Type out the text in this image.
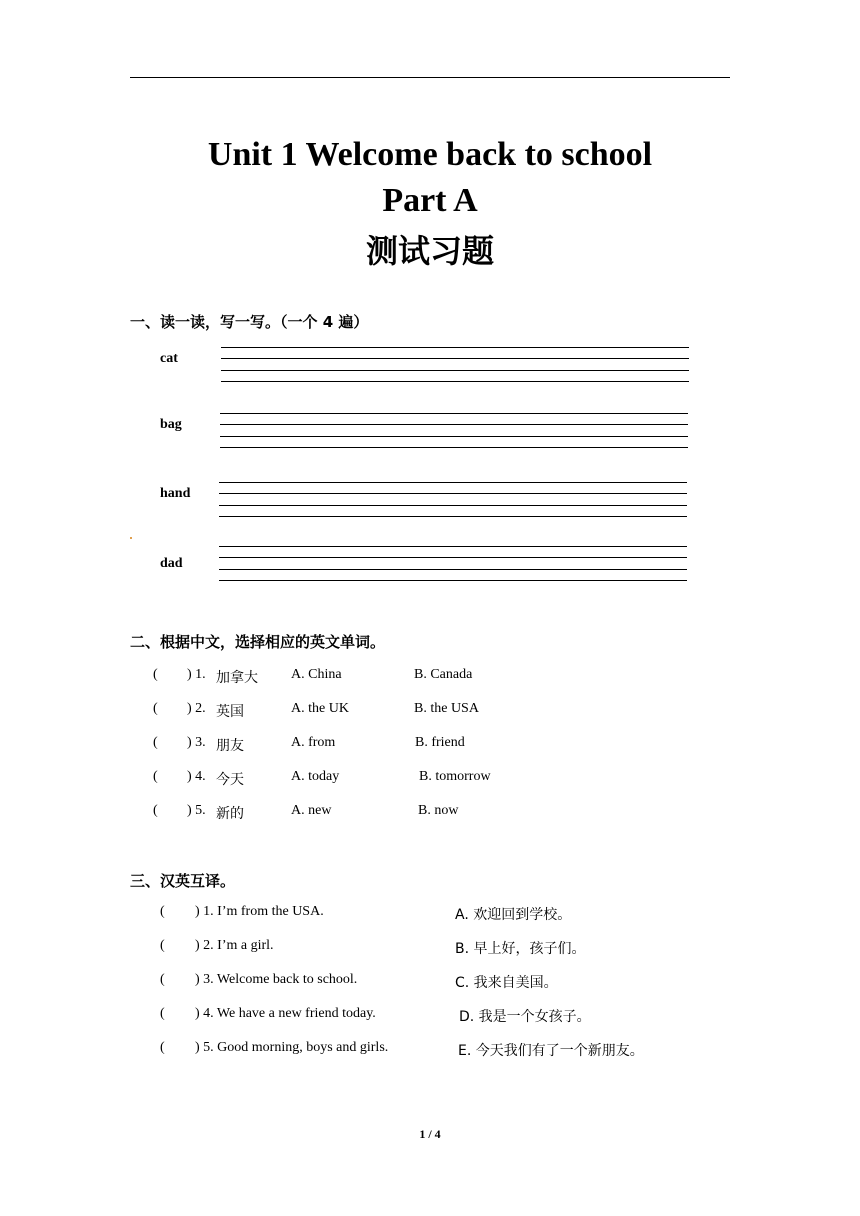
Unit 1 Welcome back to school
Part A
测试习题
一、读一读，写一写。（一个 4 遍）
cat
bag
hand
dad
二、根据中文，选择相应的英文单词。
( ) 1. 加拿大 A. China	B. Canada
( ) 2. 英国	A. the UK	B. the USA
( ) 3. 朋友	A. from	B. friend
( ) 4. 今天	A. today	B. tomorrow
( ) 5. 新的	A. new	B. now
三、汉英互译。
( ) 1. I’m from the USA.	A. 欢迎回到学校。
( ) 2. I’m a girl.	B. 早上好，孩子们。
( ) 3. Welcome back to school.	C. 我来自美国。
( ) 4. We have a new friend today.	D. 我是一个女孩子。
( ) 5. Good morning, boys and girls.	E. 今天我们有了一个新朋友。
1 / 4
